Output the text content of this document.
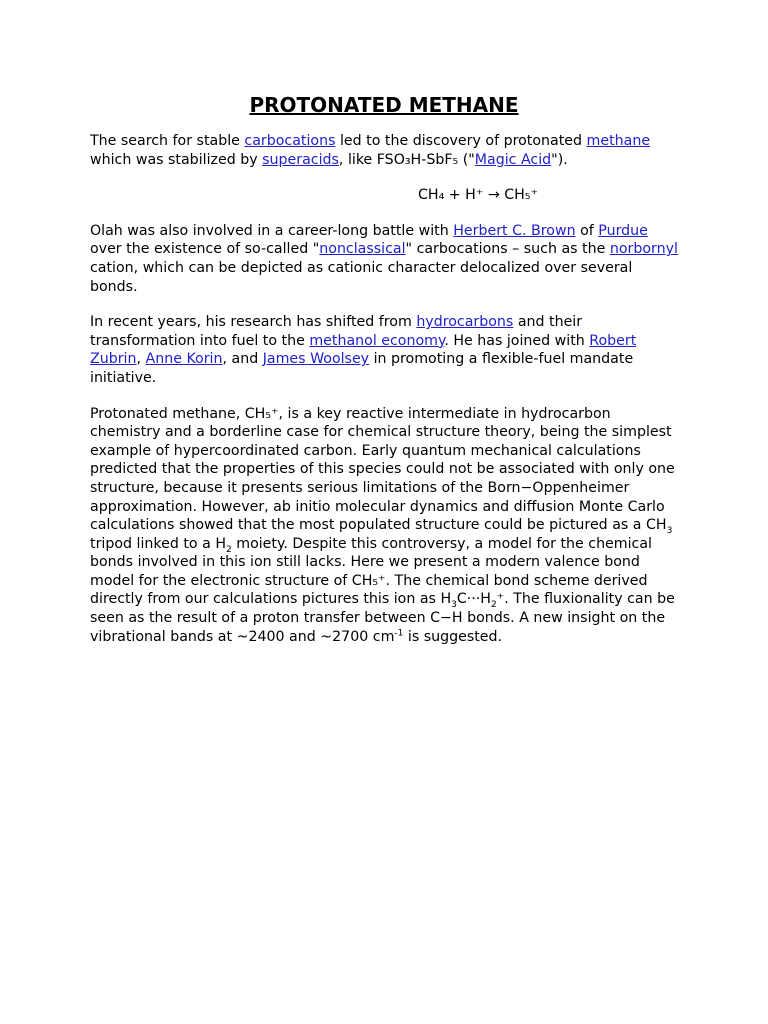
PROTONATED METHANE

The search for stable carbocations led to the discovery of protonated methane which was stabilized by superacids, like FSO₃H-SbF₅ ("Magic Acid").

CH₄ + H⁺ → CH₅⁺

Olah was also involved in a career-long battle with Herbert C. Brown of Purdue over the existence of so-called "nonclassical" carbocations – such as the norbornyl cation, which can be depicted as cationic character delocalized over several bonds.

In recent years, his research has shifted from hydrocarbons and their transformation into fuel to the methanol economy. He has joined with Robert Zubrin, Anne Korin, and James Woolsey in promoting a flexible-fuel mandate initiative.

Protonated methane, CH₅⁺, is a key reactive intermediate in hydrocarbon chemistry and a borderline case for chemical structure theory, being the simplest example of hypercoordinated carbon. Early quantum mechanical calculations predicted that the properties of this species could not be associated with only one structure, because it presents serious limitations of the Born−Oppenheimer approximation. However, ab initio molecular dynamics and diffusion Monte Carlo calculations showed that the most populated structure could be pictured as a $CH_3$ tripod linked to a $H_2$ moiety. Despite this controversy, a model for the chemical bonds involved in this ion still lacks. Here we present a modern valence bond model for the electronic structure of CH₅⁺. The chemical bond scheme derived directly from our calculations pictures this ion as $H_3C\cdot\cdot\cdot H_2^+$. The fluxionality can be seen as the result of a proton transfer between C−H bonds. A new insight on the vibrational bands at ~2400 and ~2700 $cm^{-1}$ is suggested.
